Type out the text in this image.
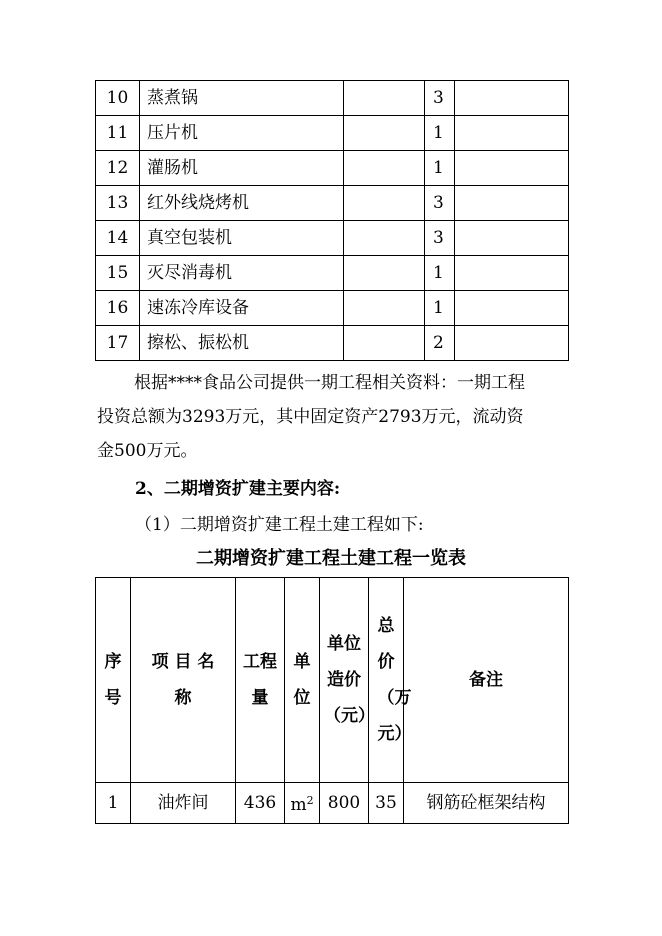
10	蒸煮锅		3	
11	压片机		1	
12	灌肠机		1	
13	红外线烧烤机		3	
14	真空包装机		3	
15	灭尽消毒机		1	
16	速冻冷库设备		1	
17	擦松、振松机		2	
根据****食品公司提供一期工程相关资料：一期工程
投资总额为3293万元，其中固定资产2793万元，流动资
金500万元。
2、二期增资扩建主要内容:
（1）二期增资扩建工程土建工程如下:
二期增资扩建工程土建工程一览表
序号	项 目 名 称	工程量	单位	单位造价（元）	总价（万元）	备注
1	油炸间	436	$m^2$	800	35	钢筋砼框架结构
